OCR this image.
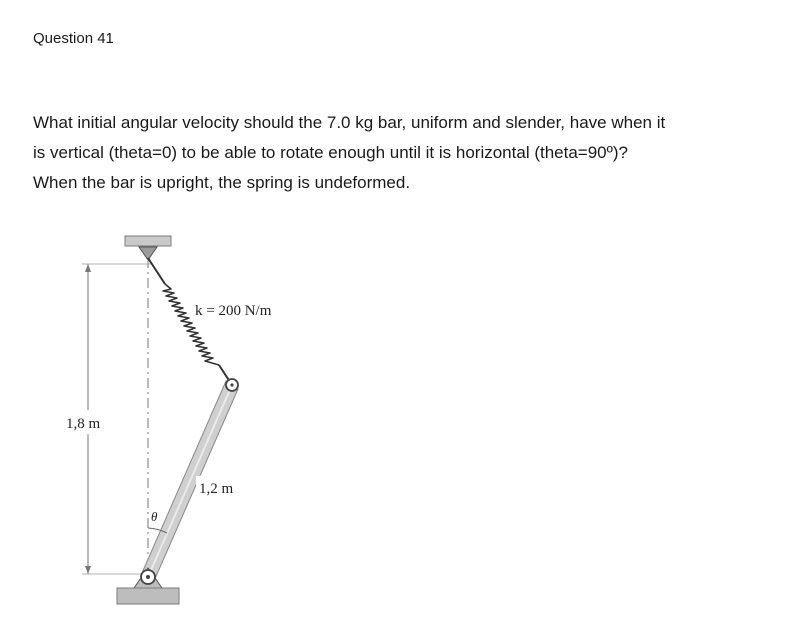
Question 41

What initial angular velocity should the 7.0 kg bar, uniform and slender, have when it
is vertical (theta=0) to be able to rotate enough until it is horizontal (theta=90º)?
When the bar is upright, the spring is undeformed.

1,8 m
k = 200 N/m
1,2 m
θ
